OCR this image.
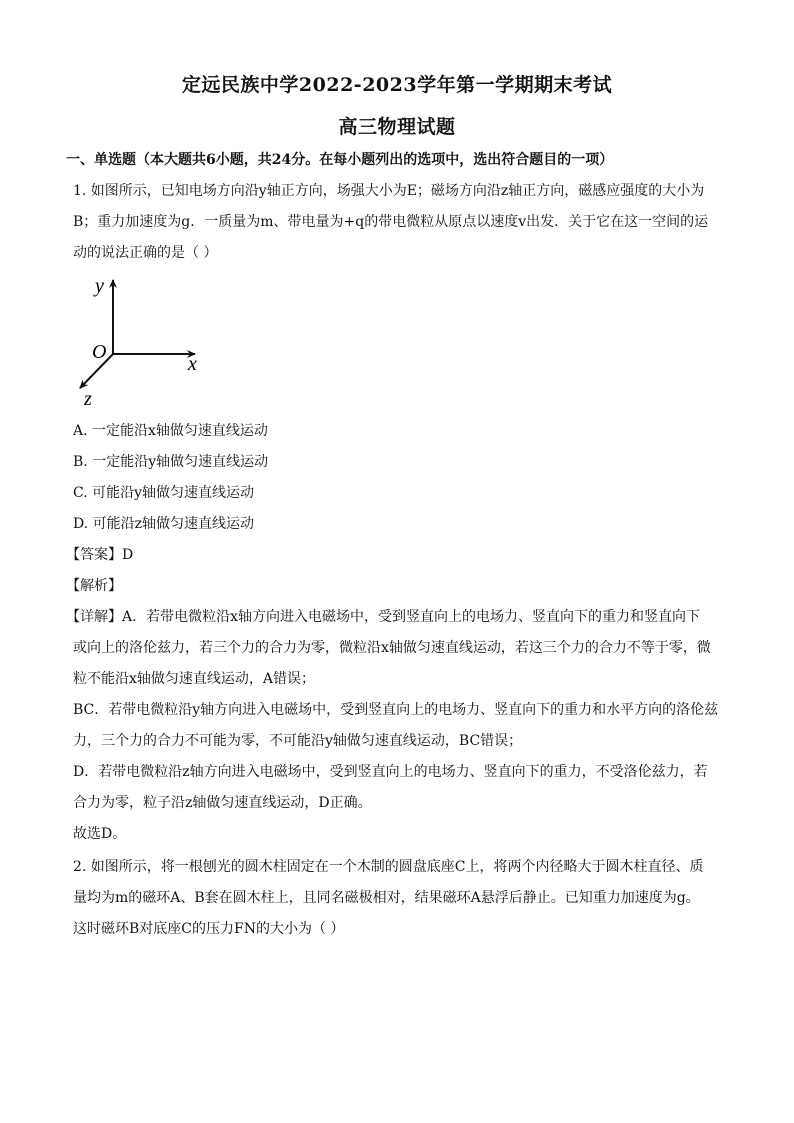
定远民族中学2022-2023学年第一学期期末考试
高三物理试题
一、单选题（本大题共6小题，共24分。在每小题列出的选项中，选出符合题目的一项）
1. 如图所示，已知电场方向沿y轴正方向，场强大小为E；磁场方向沿z轴正方向，磁感应强度的大小为
B；重力加速度为g．一质量为m、带电量为+q的带电微粒从原点以速度v出发．关于它在这一空间的运
动的说法正确的是（ ）
y
x
z
O
A. 一定能沿x轴做匀速直线运动
B. 一定能沿y轴做匀速直线运动
C. 可能沿y轴做匀速直线运动
D. 可能沿z轴做匀速直线运动
【答案】D
【解析】
【详解】A．若带电微粒沿x轴方向进入电磁场中，受到竖直向上的电场力、竖直向下的重力和竖直向下
或向上的洛伦兹力，若三个力的合力为零，微粒沿x轴做匀速直线运动，若这三个力的合力不等于零，微
粒不能沿x轴做匀速直线运动，A错误；
BC．若带电微粒沿y轴方向进入电磁场中，受到竖直向上的电场力、竖直向下的重力和水平方向的洛伦兹
力，三个力的合力不可能为零，不可能沿y轴做匀速直线运动，BC错误；
D．若带电微粒沿z轴方向进入电磁场中，受到竖直向上的电场力、竖直向下的重力，不受洛伦兹力，若
合力为零，粒子沿z轴做匀速直线运动，D正确。
故选D。
2. 如图所示，将一根刨光的圆木柱固定在一个木制的圆盘底座C上，将两个内径略大于圆木柱直径、质
量均为m的磁环A、B套在圆木柱上，且同名磁极相对，结果磁环A悬浮后静止。已知重力加速度为g。
这时磁环B对底座C的压力FN的大小为（ ）
